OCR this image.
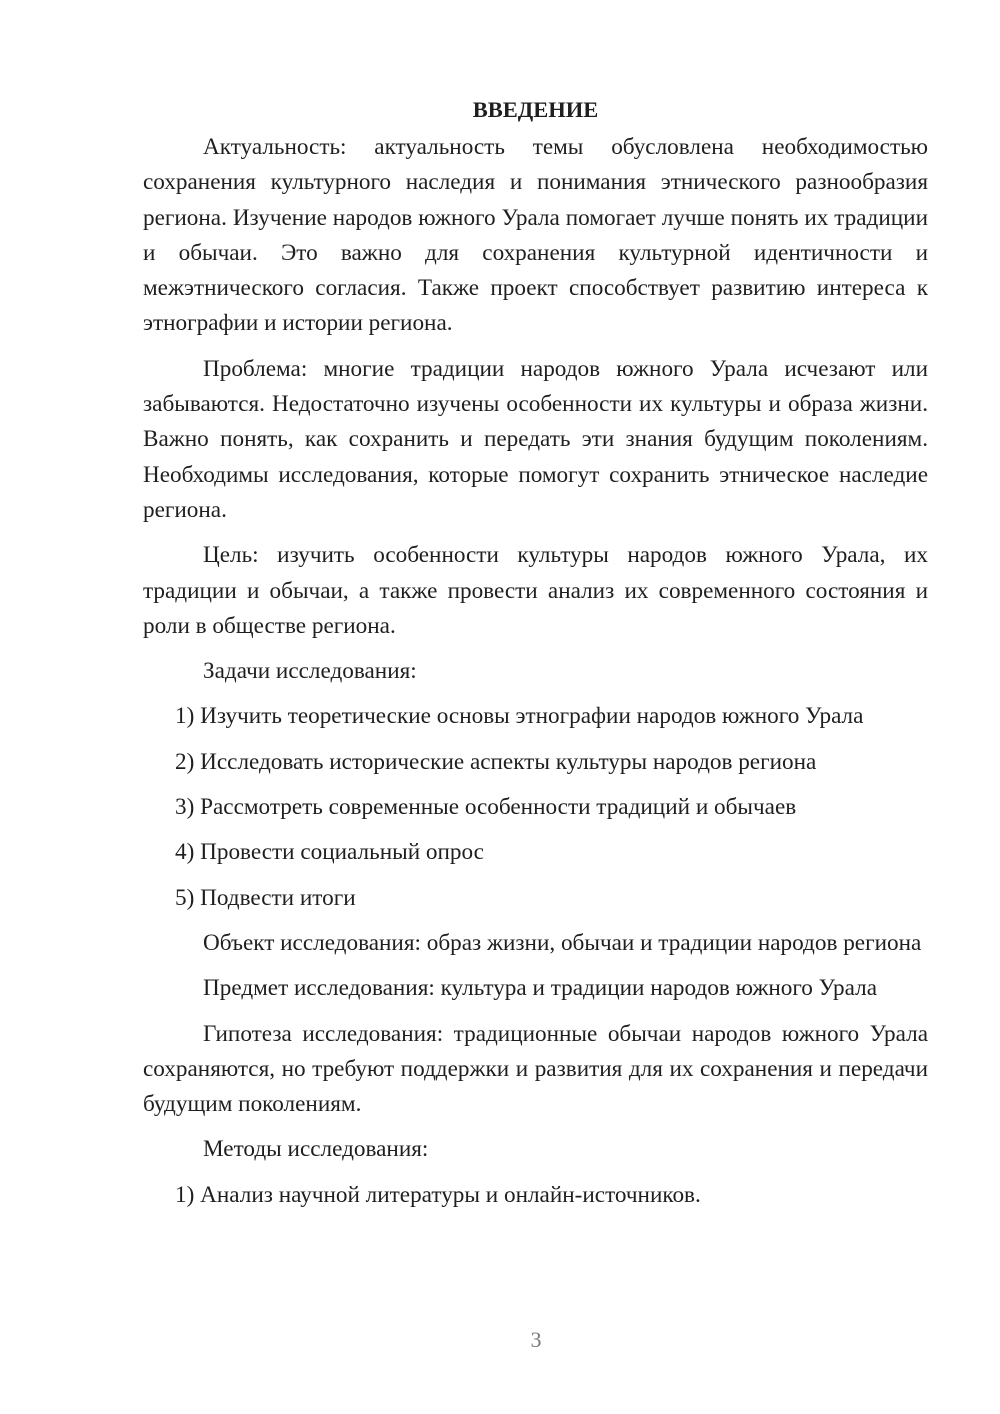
ВВЕДЕНИЕ

Актуальность: актуальность темы обусловлена необходимостью сохранения культурного наследия и понимания этнического разнообразия региона. Изучение народов южного Урала помогает лучше понять их традиции и обычаи. Это важно для сохранения культурной идентичности и межэтнического согласия. Также проект способствует развитию интереса к этнографии и истории региона.

Проблема: многие традиции народов южного Урала исчезают или забываются. Недостаточно изучены особенности их культуры и образа жизни. Важно понять, как сохранить и передать эти знания будущим поколениям. Необходимы исследования, которые помогут сохранить этническое наследие региона.

Цель: изучить особенности культуры народов южного Урала, их традиции и обычаи, а также провести анализ их современного состояния и роли в обществе региона.

Задачи исследования:

1) Изучить теоретические основы этнографии народов южного Урала

2) Исследовать исторические аспекты культуры народов региона

3) Рассмотреть современные особенности традиций и обычаев

4) Провести социальный опрос

5) Подвести итоги

Объект исследования: образ жизни, обычаи и традиции народов региона

Предмет исследования: культура и традиции народов южного Урала

Гипотеза исследования: традиционные обычаи народов южного Урала сохраняются, но требуют поддержки и развития для их сохранения и передачи будущим поколениям.

Методы исследования:

1) Анализ научной литературы и онлайн-источников.

3
